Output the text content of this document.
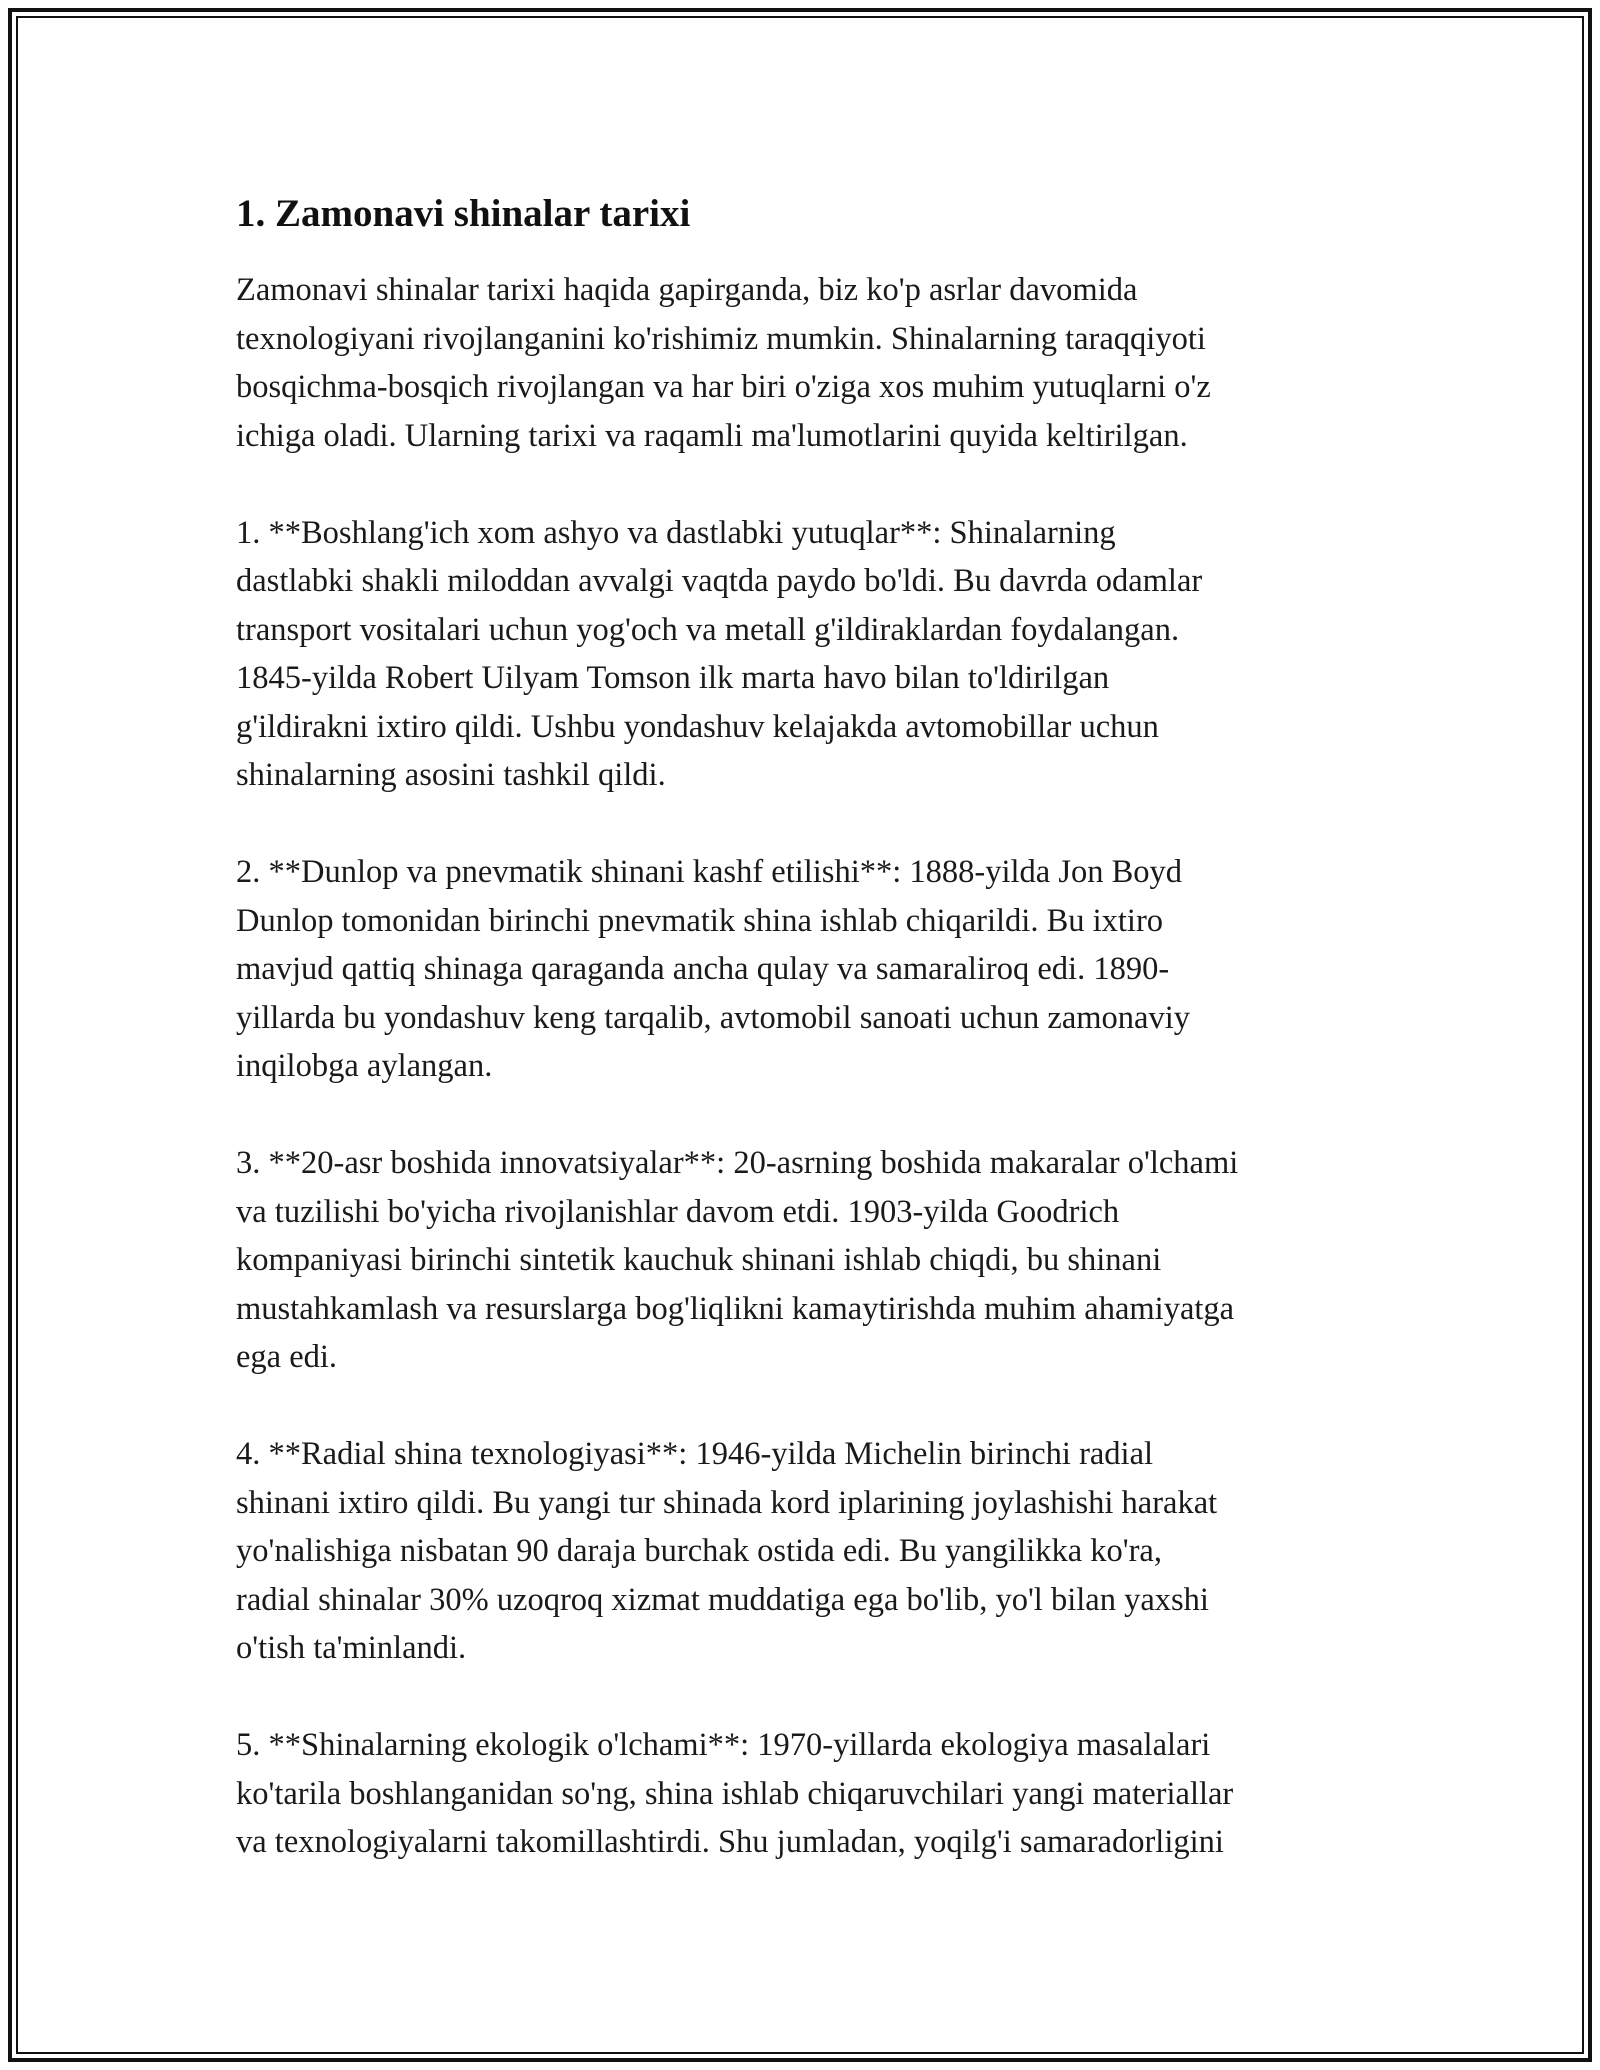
1. Zamonavi shinalar tarixi

Zamonavi shinalar tarixi haqida gapirganda, biz ko'p asrlar davomida
texnologiyani rivojlanganini ko'rishimiz mumkin. Shinalarning taraqqiyoti
bosqichma-bosqich rivojlangan va har biri o'ziga xos muhim yutuqlarni o'z
ichiga oladi. Ularning tarixi va raqamli ma'lumotlarini quyida keltirilgan.

1. **Boshlang'ich xom ashyo va dastlabki yutuqlar**: Shinalarning
dastlabki shakli miloddan avvalgi vaqtda paydo bo'ldi. Bu davrda odamlar
transport vositalari uchun yog'och va metall g'ildiraklardan foydalangan.
1845-yilda Robert Uilyam Tomson ilk marta havo bilan to'ldirilgan
g'ildirakni ixtiro qildi. Ushbu yondashuv kelajakda avtomobillar uchun
shinalarning asosini tashkil qildi.

2. **Dunlop va pnevmatik shinani kashf etilishi**: 1888-yilda Jon Boyd
Dunlop tomonidan birinchi pnevmatik shina ishlab chiqarildi. Bu ixtiro
mavjud qattiq shinaga qaraganda ancha qulay va samaraliroq edi. 1890-
yillarda bu yondashuv keng tarqalib, avtomobil sanoati uchun zamonaviy
inqilobga aylangan.

3. **20-asr boshida innovatsiyalar**: 20-asrning boshida makaralar o'lchami
va tuzilishi bo'yicha rivojlanishlar davom etdi. 1903-yilda Goodrich
kompaniyasi birinchi sintetik kauchuk shinani ishlab chiqdi, bu shinani
mustahkamlash va resurslarga bog'liqlikni kamaytirishda muhim ahamiyatga
ega edi.

4. **Radial shina texnologiyasi**: 1946-yilda Michelin birinchi radial
shinani ixtiro qildi. Bu yangi tur shinada kord iplarining joylashishi harakat
yo'nalishiga nisbatan 90 daraja burchak ostida edi. Bu yangilikka ko'ra,
radial shinalar 30% uzoqroq xizmat muddatiga ega bo'lib, yo'l bilan yaxshi
o'tish ta'minlandi.

5. **Shinalarning ekologik o'lchami**: 1970-yillarda ekologiya masalalari
ko'tarila boshlanganidan so'ng, shina ishlab chiqaruvchilari yangi materiallar
va texnologiyalarni takomillashtirdi. Shu jumladan, yoqilg'i samaradorligini
